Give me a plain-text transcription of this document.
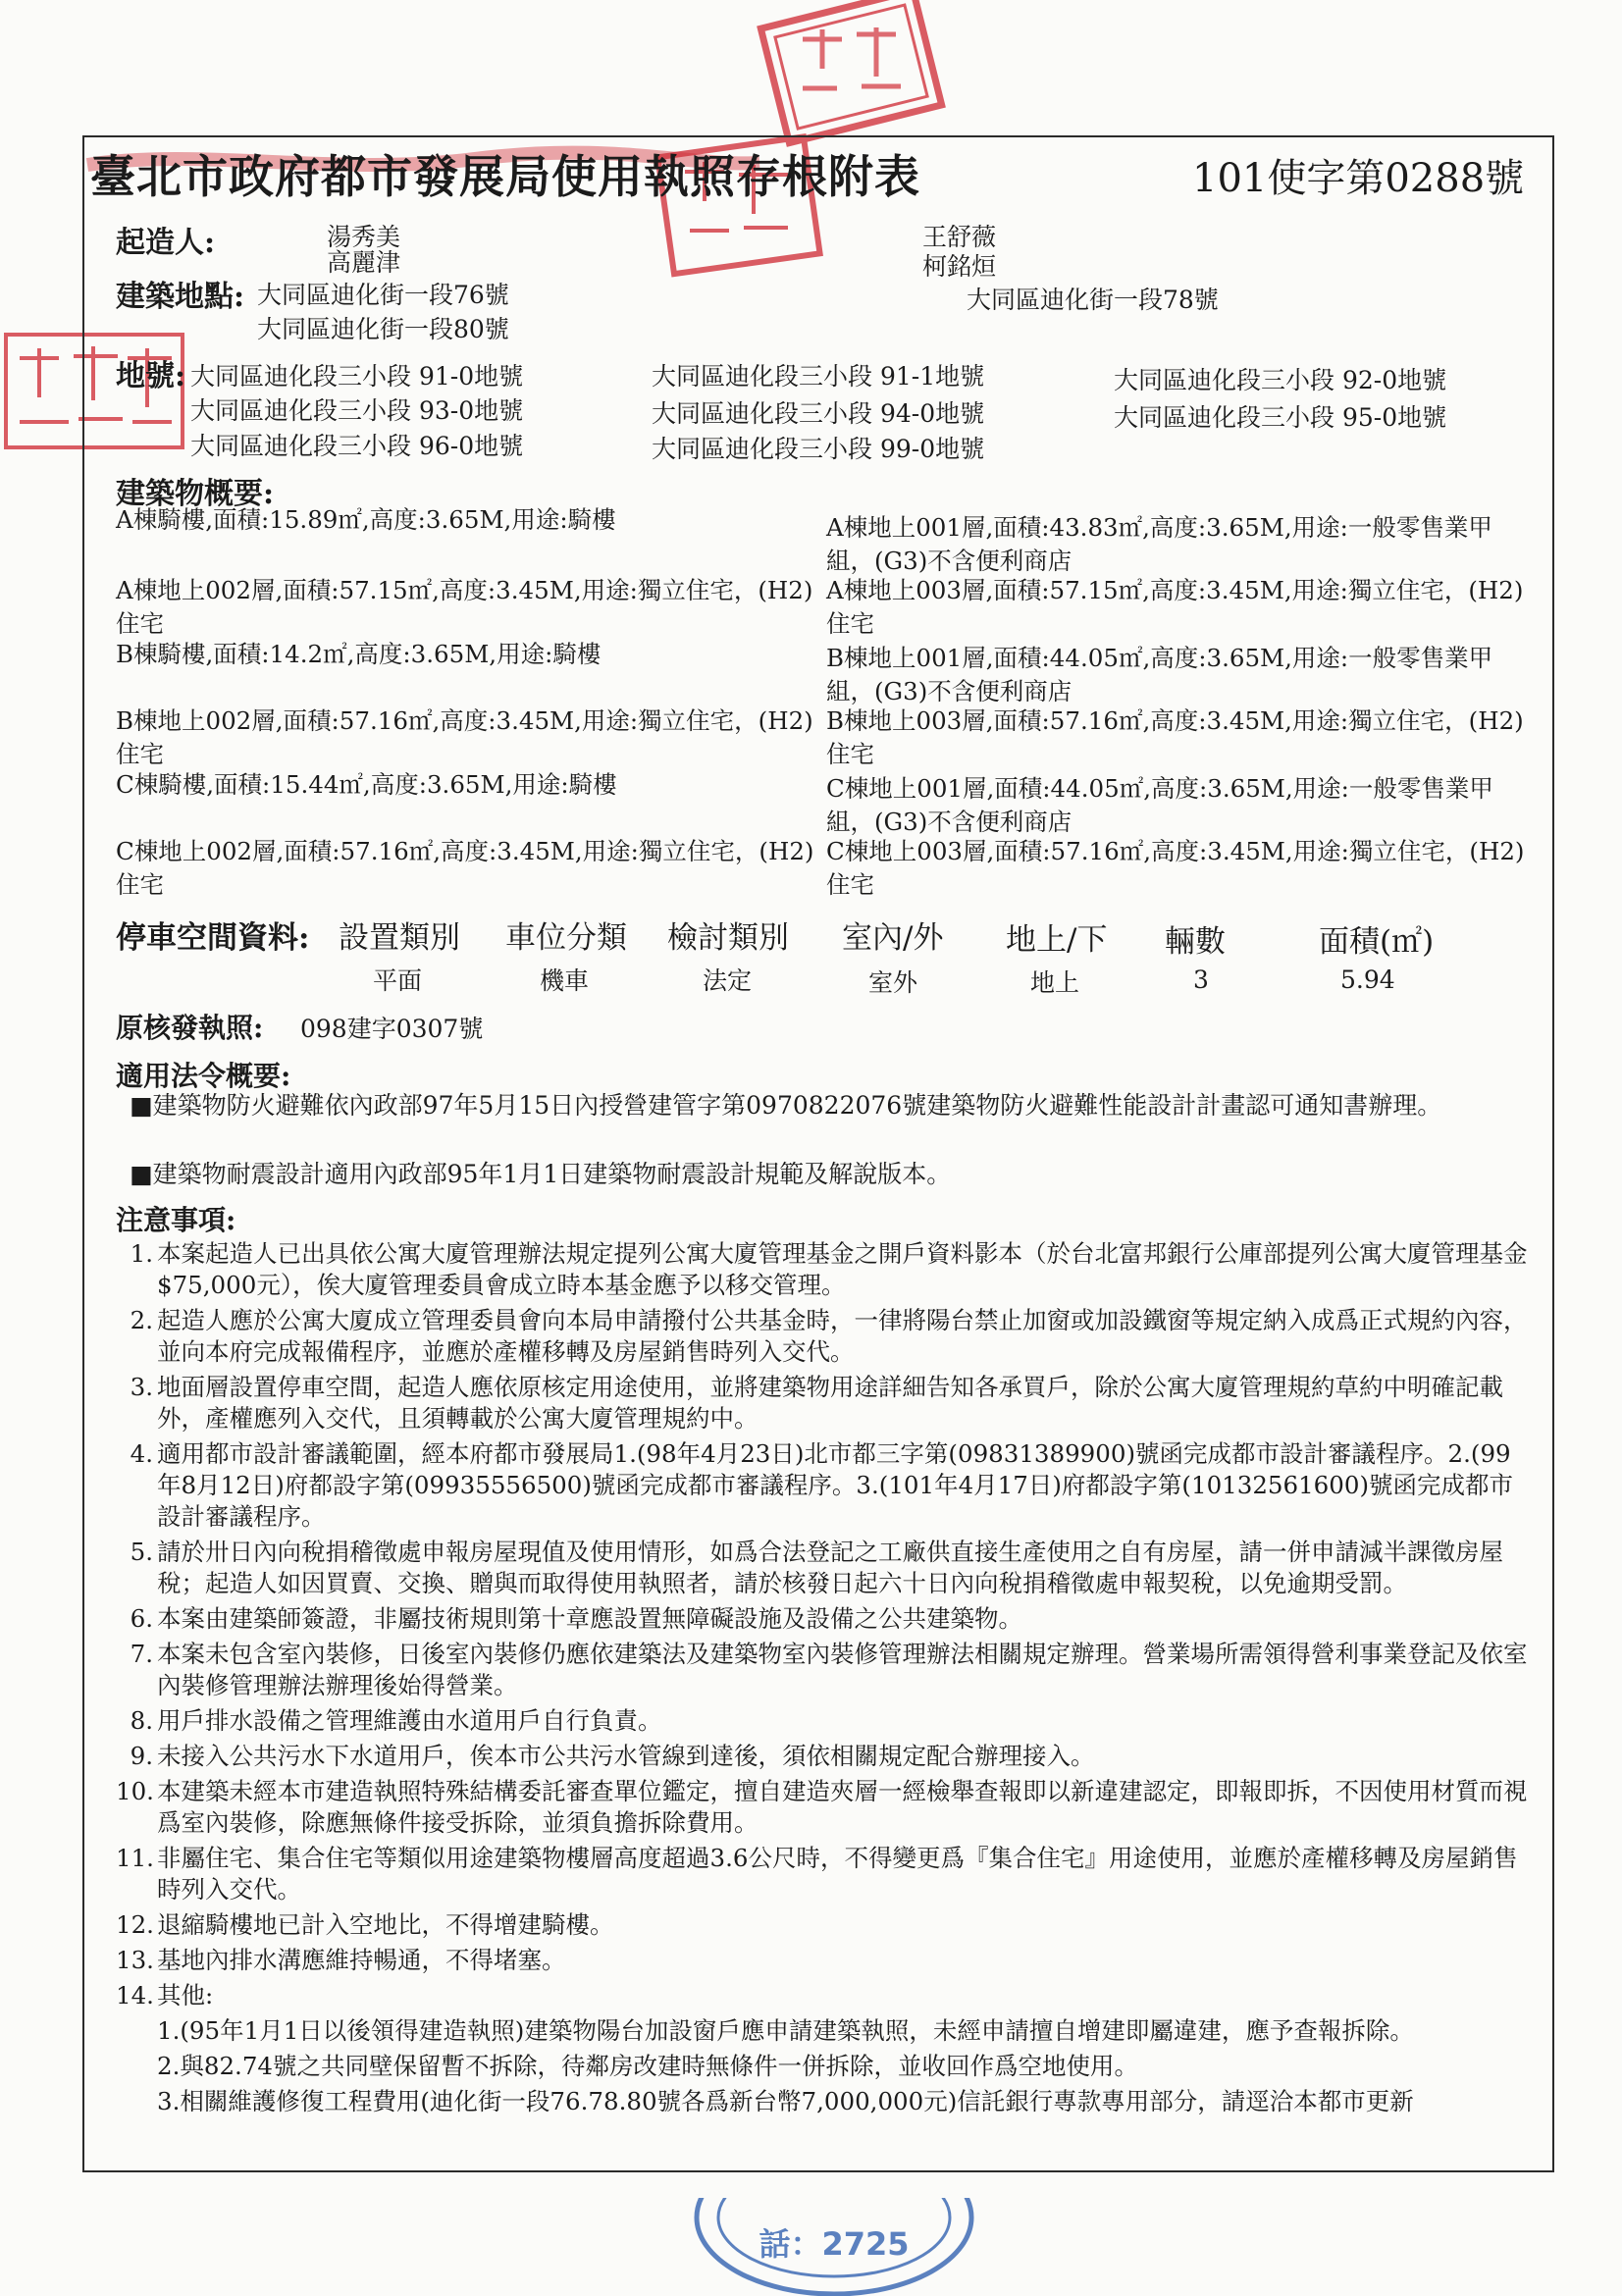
話：2725
臺北市政府都市發展局使用執照存根附表	101使字第0288號
起造人:	湯秀美
高麗津
王舒薇
柯銘烜
建築地點: 大同區迪化街一段76號	大同區迪化街一段78號
大同區迪化街一段80號
地號: 大同區迪化段三小段 91-0地號	大同區迪化段三小段 91-1地號	大同區迪化段三小段 92-0地號
大同區迪化段三小段 93-0地號	大同區迪化段三小段 94-0地號	大同區迪化段三小段 95-0地號
大同區迪化段三小段 96-0地號	大同區迪化段三小段 99-0地號
建築物概要:
A棟騎樓,面積:15.89㎡,高度:3.65M,用途:騎樓	A棟地上001層,面積:43.83㎡,高度:3.65M,用途:一般零售業甲組，(G3)不含便利商店
A棟地上002層,面積:57.15㎡,高度:3.45M,用途:獨立住宅，(H2)住宅
A棟地上003層,面積:57.15㎡,高度:3.45M,用途:獨立住宅，(H2)住宅
B棟騎樓,面積:14.2㎡,高度:3.65M,用途:騎樓	B棟地上001層,面積:44.05㎡,高度:3.65M,用途:一般零售業甲組，(G3)不含便利商店
B棟地上002層,面積:57.16㎡,高度:3.45M,用途:獨立住宅，(H2)住宅
B棟地上003層,面積:57.16㎡,高度:3.45M,用途:獨立住宅，(H2)住宅
C棟騎樓,面積:15.44㎡,高度:3.65M,用途:騎樓	C棟地上001層,面積:44.05㎡,高度:3.65M,用途:一般零售業甲組，(G3)不含便利商店
C棟地上002層,面積:57.16㎡,高度:3.45M,用途:獨立住宅，(H2)住宅
C棟地上003層,面積:57.16㎡,高度:3.45M,用途:獨立住宅，(H2)住宅
停車空間資料: 設置類別 車位分類 檢討類別 室內/外 地上/下 輛數	面積(㎡)
平面	機車	法定	室外	地上	3	5.94
原核發執照: 098建字0307號
適用法令概要:
■建築物防火避難依內政部97年5月15日內授營建管字第0970822076號建築物防火避難性能設計計畫認可通知書辦理。
■建築物耐震設計適用內政部95年1月1日建築物耐震設計規範及解說版本。
注意事項:
1. 本案起造人已出具依公寓大廈管理辦法規定提列公寓大廈管理基金之開戶資料影本（於台北富邦銀行公庫部提列公寓大廈管理基金$75,000元），俟大廈管理委員會成立時本基金應予以移交管理。
2. 起造人應於公寓大廈成立管理委員會向本局申請撥付公共基金時，一律將陽台禁止加窗或加設鐵窗等規定納入成爲正式規約內容，並向本府完成報備程序，並應於產權移轉及房屋銷售時列入交代。
3. 地面層設置停車空間，起造人應依原核定用途使用，並將建築物用途詳細告知各承買戶，除於公寓大廈管理規約草約中明確記載外，產權應列入交代，且須轉載於公寓大廈管理規約中。
4. 適用都市設計審議範圍，經本府都市發展局1.(98年4月23日)北市都三字第(09831389900)號函完成都市設計審議程序。2.(99年8月12日)府都設字第(09935556500)號函完成都市審議程序。3.(101年4月17日)府都設字第(10132561600)號函完成都市設計審議程序。
5. 請於卅日內向稅捐稽徵處申報房屋現值及使用情形，如爲合法登記之工廠供直接生產使用之自有房屋，請一併申請減半課徵房屋稅；起造人如因買賣、交換、贈與而取得使用執照者，請於核發日起六十日內向稅捐稽徵處申報契稅，以免逾期受罰。
6. 本案由建築師簽證，非屬技術規則第十章應設置無障礙設施及設備之公共建築物。
7. 本案未包含室內裝修，日後室內裝修仍應依建築法及建築物室內裝修管理辦法相關規定辦理。營業場所需領得營利事業登記及依室內裝修管理辦法辦理後始得營業。
8. 用戶排水設備之管理維護由水道用戶自行負責。
9. 未接入公共污水下水道用戶，俟本市公共污水管線到達後，須依相關規定配合辦理接入。
10. 本建築未經本市建造執照特殊結構委託審查單位鑑定，擅自建造夾層一經檢舉查報即以新違建認定，即報即拆，不因使用材質而視爲室內裝修，除應無條件接受拆除，並須負擔拆除費用。
11. 非屬住宅、集合住宅等類似用途建築物樓層高度超過3.6公尺時，不得變更爲『集合住宅』用途使用，並應於產權移轉及房屋銷售時列入交代。
12. 退縮騎樓地已計入空地比，不得增建騎樓。
13. 基地內排水溝應維持暢通，不得堵塞。
14. 其他:
1.(95年1月1日以後領得建造執照)建築物陽台加設窗戶應申請建築執照，未經申請擅自增建即屬違建，應予查報拆除。
2.與82.74號之共同壁保留暫不拆除，待鄰房改建時無條件一併拆除，並收回作爲空地使用。
3.相關維護修復工程費用(迪化街一段76.78.80號各爲新台幣7,000,000元)信託銀行專款專用部分，請逕洽本都市更新
